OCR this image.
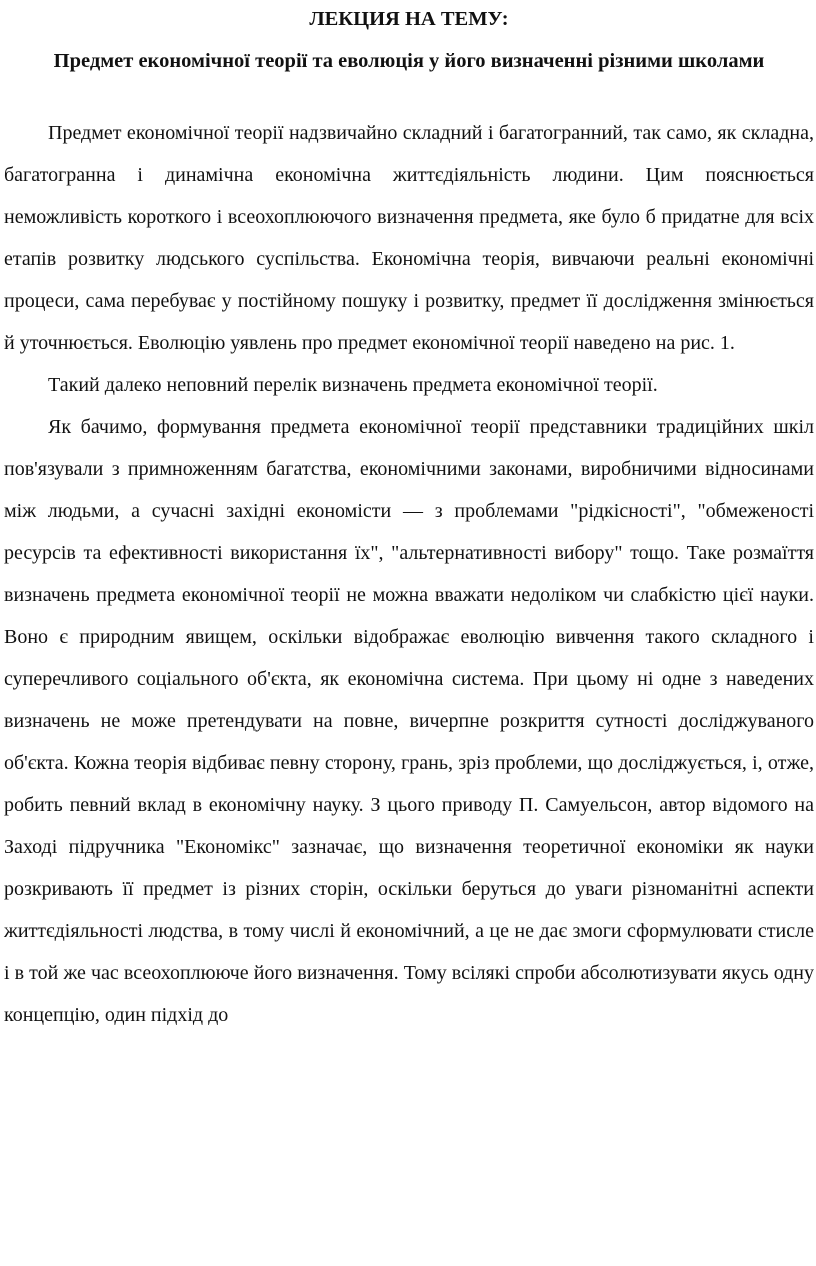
ЛЕКЦИЯ НА ТЕМУ:
Предмет економічної теорії та еволюція у його визначенні різними школами

Предмет економічної теорії надзвичайно складний і багатогранний, так само, як складна, багатогранна і динамічна економічна життєдіяльність людини. Цим пояснюється неможливість короткого і всеохоплюючого визначення предмета, яке було б придатне для всіх етапів розвитку людського суспільства. Економічна теорія, вивчаючи реальні економічні процеси, сама перебуває у постійному пошуку і розвитку, предмет її дослідження змінюється й уточнюється. Еволюцію уявлень про предмет економічної теорії наведено на рис. 1.

Такий далеко неповний перелік визначень предмета економічної теорії.

Як бачимо, формування предмета економічної теорії представники традиційних шкіл пов'язували з примноженням багатства, економічними законами, виробничими відносинами між людьми, а сучасні західні економісти — з проблемами "рідкісності", "обмеженості ресурсів та ефективності використання їх", "альтернативності вибору" тощо. Таке розмаїття визначень предмета економічної теорії не можна вважати недоліком чи слабкістю цієї науки. Воно є природним явищем, оскільки відображає еволюцію вивчення такого складного і суперечливого соціального об'єкта, як економічна система. При цьому ні одне з наведених визначень не може претендувати на повне, вичерпне розкриття сутності досліджуваного об'єкта. Кожна теорія відбиває певну сторону, грань, зріз проблеми, що досліджується, і, отже, робить певний вклад в економічну науку. З цього приводу П. Самуельсон, автор відомого на Заході підручника "Економікс" зазначає, що визначення теоретичної економіки як науки розкривають її предмет із різних сторін, оскільки беруться до уваги різноманітні аспекти життєдіяльності людства, в тому числі й економічний, а це не дає змоги сформулювати стисле і в той же час всеохоплююче його визначення. Тому всілякі спроби абсолютизувати якусь одну концепцію, один підхід до
